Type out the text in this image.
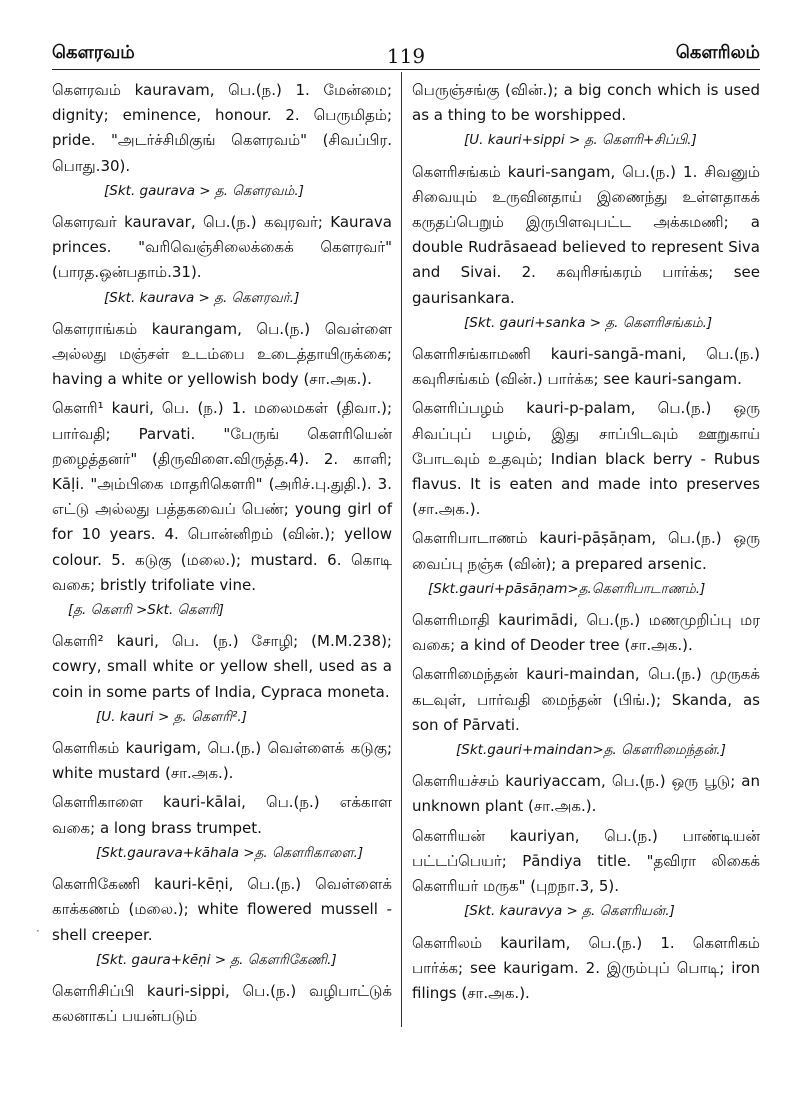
கௌரவம்	119	கௌரிலம்
கௌரவம் kauravam, பெ.(ந.) 1. மேன்மை; dignity; eminence, honour. 2. பெருமிதம்; pride. "அடர்ச்சிமிகுங் கௌரவம்" (சிவப்பிர. பொது.30).
[Skt. gaurava > த. கௌரவம்.]
கௌரவர் kauravar, பெ.(ந.) கவுரவர்; Kaurava princes. "வரிவெஞ்சிலைக்கைக் கௌரவர்" (பாரத.ஒன்பதாம்.31).
[Skt. kaurava > த. கௌரவர்.]
கௌராங்கம் kaurangam, பெ.(ந.) வெள்ளை அல்லது மஞ்சள் உடம்பை உடைத்தாயிருக்கை; having a white or yellowish body (சா.அக.).
கௌரி¹ kauri, பெ. (ந.) 1. மலைமகள் (திவா.); பார்வதி; Parvati. "பேருங் கௌரியென் றழைத்தனர்" (திருவிளை.விருத்த.4). 2. காளி; Kāḷi. "அம்பிகை மாதரிகௌரி" (அரிச்.பு.துதி.). 3. எட்டு அல்லது பத்தகவைப் பெண்; young girl of for 10 years. 4. பொன்னிறம் (வின்.); yellow colour. 5. கடுகு (மலை.); mustard. 6. கொடி வகை; bristly trifoliate vine.
[த. கௌரி >Skt. கௌரி]
கௌரி² kauri, பெ. (ந.) சோழி; (M.M.238); cowry, small white or yellow shell, used as a coin in some parts of India, Cypraca moneta.
[U. kauri > த. கௌரி².]
கௌரிகம் kaurigam, பெ.(ந.) வெள்ளைக் கடுகு; white mustard (சா.அக.).
கௌரிகாளை kauri-kālai, பெ.(ந.) எக்காள வகை; a long brass trumpet.
[Skt.gaurava+kāhala >த. கௌரிகாளை.]
கௌரிகேணி kauri-kēṇi, பெ.(ந.) வெள்ளைக் காக்கணம் (மலை.); white flowered mussell - shell creeper.
[Skt. gaura+kēṇi > த. கௌரிகேணி.]
கௌரிசிப்பி kauri-sippi, பெ.(ந.) வழிபாட்டுக் கலனாகப் பயன்படும்
பெருஞ்சங்கு (வின்.); a big conch which is used as a thing to be worshipped.
[U. kauri+sippi > த. கௌரி+சிப்பி.]
கௌரிசங்கம் kauri-sangam, பெ.(ந.) 1. சிவனும் சிவையும் உருவினதாய் இணைந்து உள்ளதாகக் கருதப்பெறும் இருபிளவுபட்ட அக்கமணி; a double Rudrāsaead believed to represent Siva and Sivai. 2. கவுரிசங்கரம் பார்க்க; see gaurisankara.
[Skt. gauri+sanka > த. கௌரிசங்கம்.]
கௌரிசங்காமணி kauri-sangā-mani, பெ.(ந.) கவுரிசங்கம் (வின்.) பார்க்க; see kauri-sangam.
கௌரிப்பழம் kauri-p-palam, பெ.(ந.) ஒரு சிவப்புப் பழம், இது சாப்பிடவும் ஊறுகாய் போடவும் உதவும்; Indian black berry - Rubus flavus. It is eaten and made into preserves (சா.அக.).
கௌரிபாடாணம் kauri-pāṣāṇam, பெ.(ந.) ஒரு வைப்பு நஞ்சு (வின்); a prepared arsenic.
[Skt.gauri+pāsāṇam>த.கௌரிபாடாணம்.]
கௌரிமாதி kaurimādi, பெ.(ந.) மணமுறிப்பு மர வகை; a kind of Deoder tree (சா.அக.).
கௌரிமைந்தன் kauri-maindan, பெ.(ந.) முருகக் கடவுள், பார்வதி மைந்தன் (பிங்.); Skanda, as son of Pārvati.
[Skt.gauri+maindan>த. கௌரிமைந்தன்.]
கௌரியச்சம் kauriyaccam, பெ.(ந.) ஒரு பூடு; an unknown plant (சா.அக.).
கௌரியன் kauriyan, பெ.(ந.) பாண்டியன் பட்டப்பெயர்; Pāndiya title. "தவிரா லிகைக் கௌரியர் மருக" (புறநா.3, 5).
[Skt. kauravya > த. கௌரியன்.]
கௌரிலம் kaurilam, பெ.(ந.) 1. கௌரிகம் பார்க்க; see kaurigam. 2. இரும்புப் பொடி; iron filings (சா.அக.).
·
